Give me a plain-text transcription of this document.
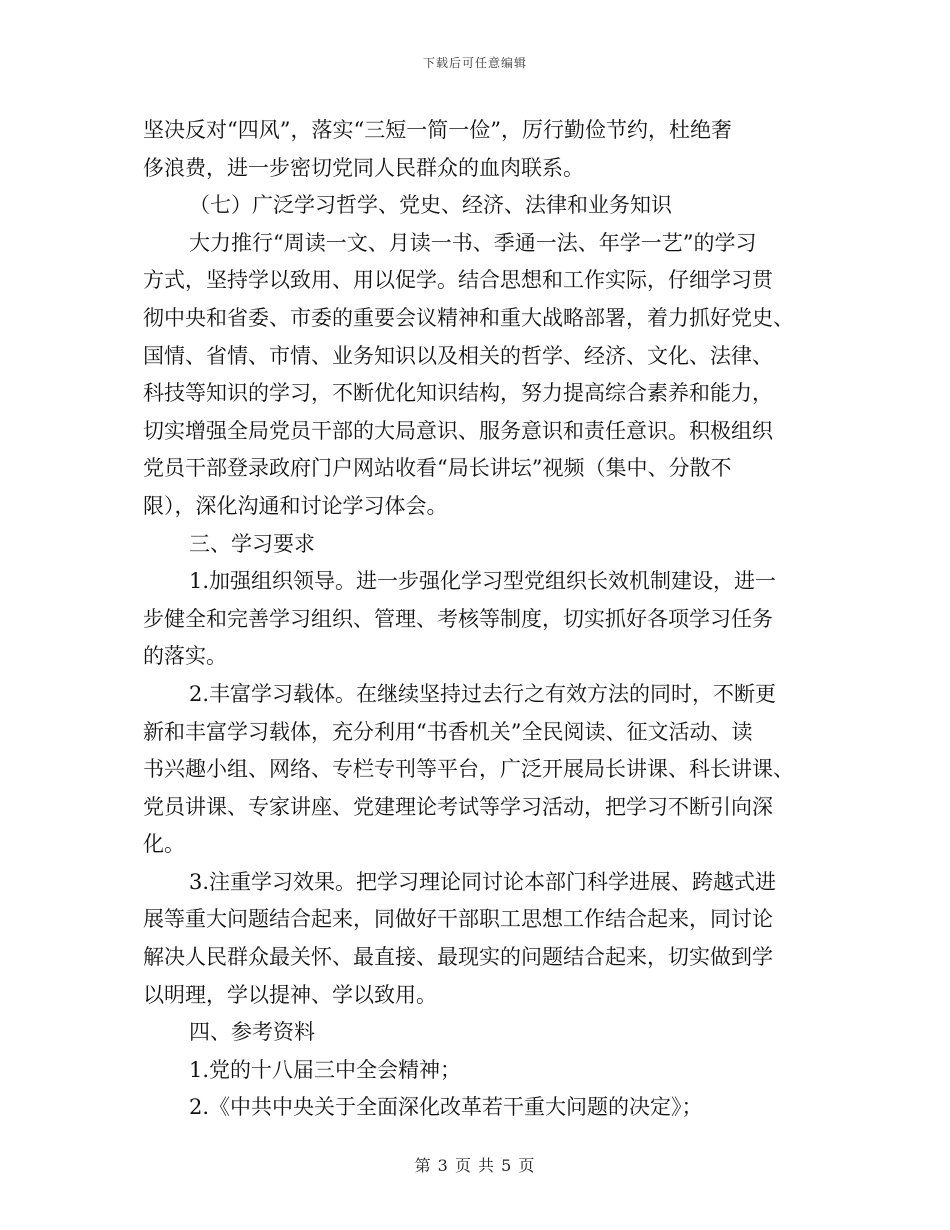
下载后可任意编辑
坚决反对“四风”，落实“三短一简一俭”，厉行勤俭节约，杜绝奢
侈浪费，进一步密切党同人民群众的血肉联系。
（七）广泛学习哲学、党史、经济、法律和业务知识
大力推行“周读一文、月读一书、季通一法、年学一艺”的学习
方式，坚持学以致用、用以促学。结合思想和工作实际，仔细学习贯
彻中央和省委、市委的重要会议精神和重大战略部署，着力抓好党史、
国情、省情、市情、业务知识以及相关的哲学、经济、文化、法律、
科技等知识的学习，不断优化知识结构，努力提高综合素养和能力，
切实增强全局党员干部的大局意识、服务意识和责任意识。积极组织
党员干部登录政府门户网站收看“局长讲坛”视频（集中、分散不
限），深化沟通和讨论学习体会。
三、学习要求
1.加强组织领导。进一步强化学习型党组织长效机制建设，进一
步健全和完善学习组织、管理、考核等制度，切实抓好各项学习任务
的落实。
2.丰富学习载体。在继续坚持过去行之有效方法的同时，不断更
新和丰富学习载体，充分利用“书香机关”全民阅读、征文活动、读
书兴趣小组、网络、专栏专刊等平台，广泛开展局长讲课、科长讲课、
党员讲课、专家讲座、党建理论考试等学习活动，把学习不断引向深
化。
3.注重学习效果。把学习理论同讨论本部门科学进展、跨越式进
展等重大问题结合起来，同做好干部职工思想工作结合起来，同讨论
解决人民群众最关怀、最直接、最现实的问题结合起来，切实做到学
以明理，学以提神、学以致用。
四、参考资料
1.党的十八届三中全会精神；
2.《中共中央关于全面深化改革若干重大问题的决定》；
第 3 页 共 5 页
